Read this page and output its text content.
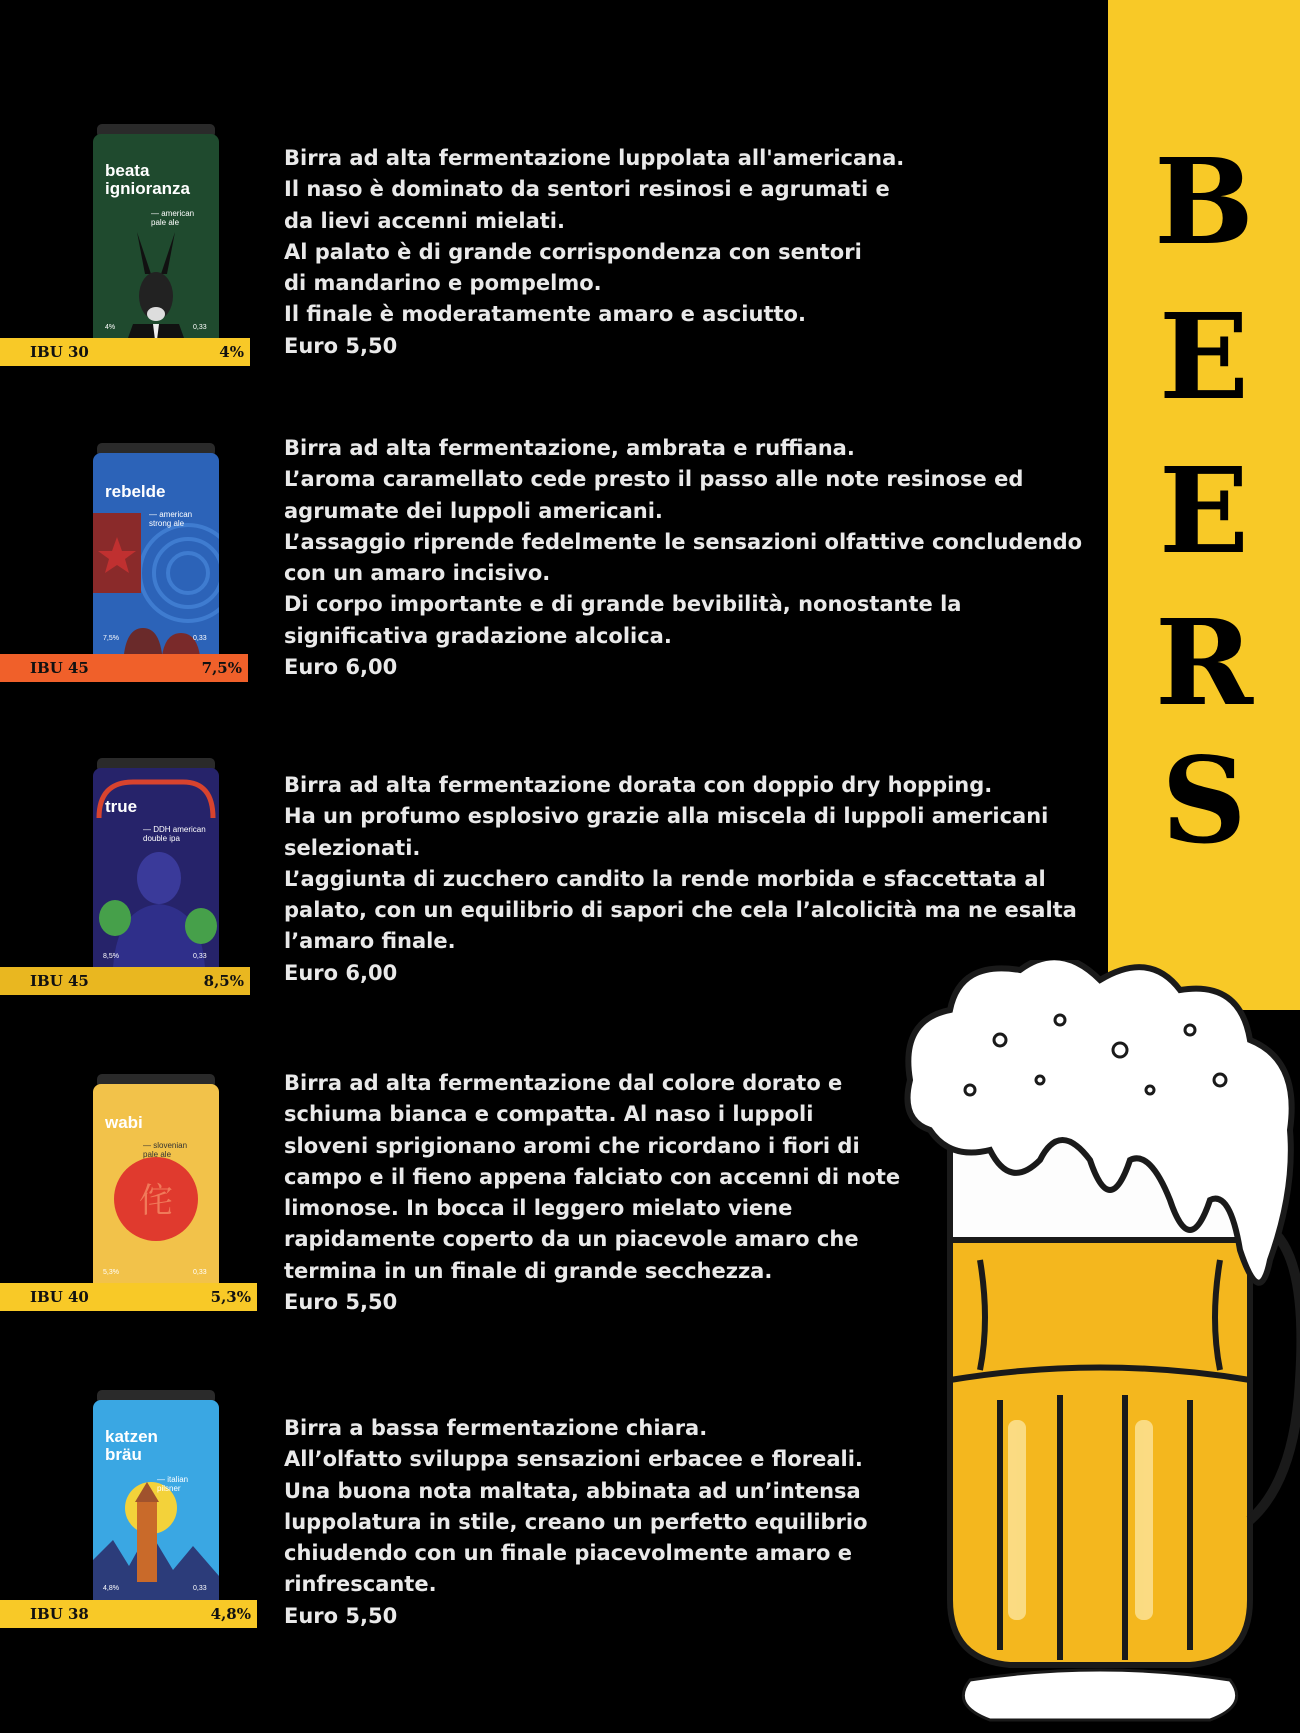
B
E
E
R
S
beata
ignioranza
— american
pale ale
4%	0,33
IBU 30	4%
Birra ad alta fermentazione luppolata all'americana.
Il naso è dominato da sentori resinosi e agrumati e
da lievi accenni mielati.
Al palato è di grande corrispondenza con sentori
di mandarino e pompelmo.
Il finale è moderatamente amaro e asciutto.
Euro 5,50
rebelde
— american
strong ale
7,5%	0,33
IBU 45	7,5%
Birra ad alta fermentazione, ambrata e ruffiana.
L’aroma caramellato cede presto il passo alle note resinose ed
agrumate dei luppoli americani.
L’assaggio riprende fedelmente le sensazioni olfattive concludendo
con un amaro incisivo.
Di corpo importante e di grande bevibilità, nonostante la
significativa gradazione alcolica.
Euro 6,00
true
— DDH american
double ipa
8,5%	0,33
IBU 45	8,5%
Birra ad alta fermentazione dorata con doppio dry hopping.
Ha un profumo esplosivo grazie alla miscela di luppoli americani
selezionati.
L’aggiunta di zucchero candito la rende morbida e sfaccettata al
palato, con un equilibrio di sapori che cela l’alcolicità ma ne esalta
l’amaro finale.
Euro 6,00
侘
wabi
— slovenian
pale ale
5,3%	0,33
IBU 40	5,3%
Birra ad alta fermentazione dal colore dorato e
schiuma bianca e compatta. Al naso i luppoli
sloveni sprigionano aromi che ricordano i fiori di
campo e il fieno appena falciato con accenni di note
limonose. In bocca il leggero mielato viene
rapidamente coperto da un piacevole amaro che
termina in un finale di grande secchezza.
Euro 5,50
katzen
bräu
— italian
pilsner
4,8%	0,33
IBU 38	4,8%
Birra a bassa fermentazione chiara.
All’olfatto sviluppa sensazioni erbacee e floreali.
Una buona nota maltata, abbinata ad un’intensa
luppolatura in stile, creano un perfetto equilibrio
chiudendo con un finale piacevolmente amaro e
rinfrescante.
Euro 5,50
